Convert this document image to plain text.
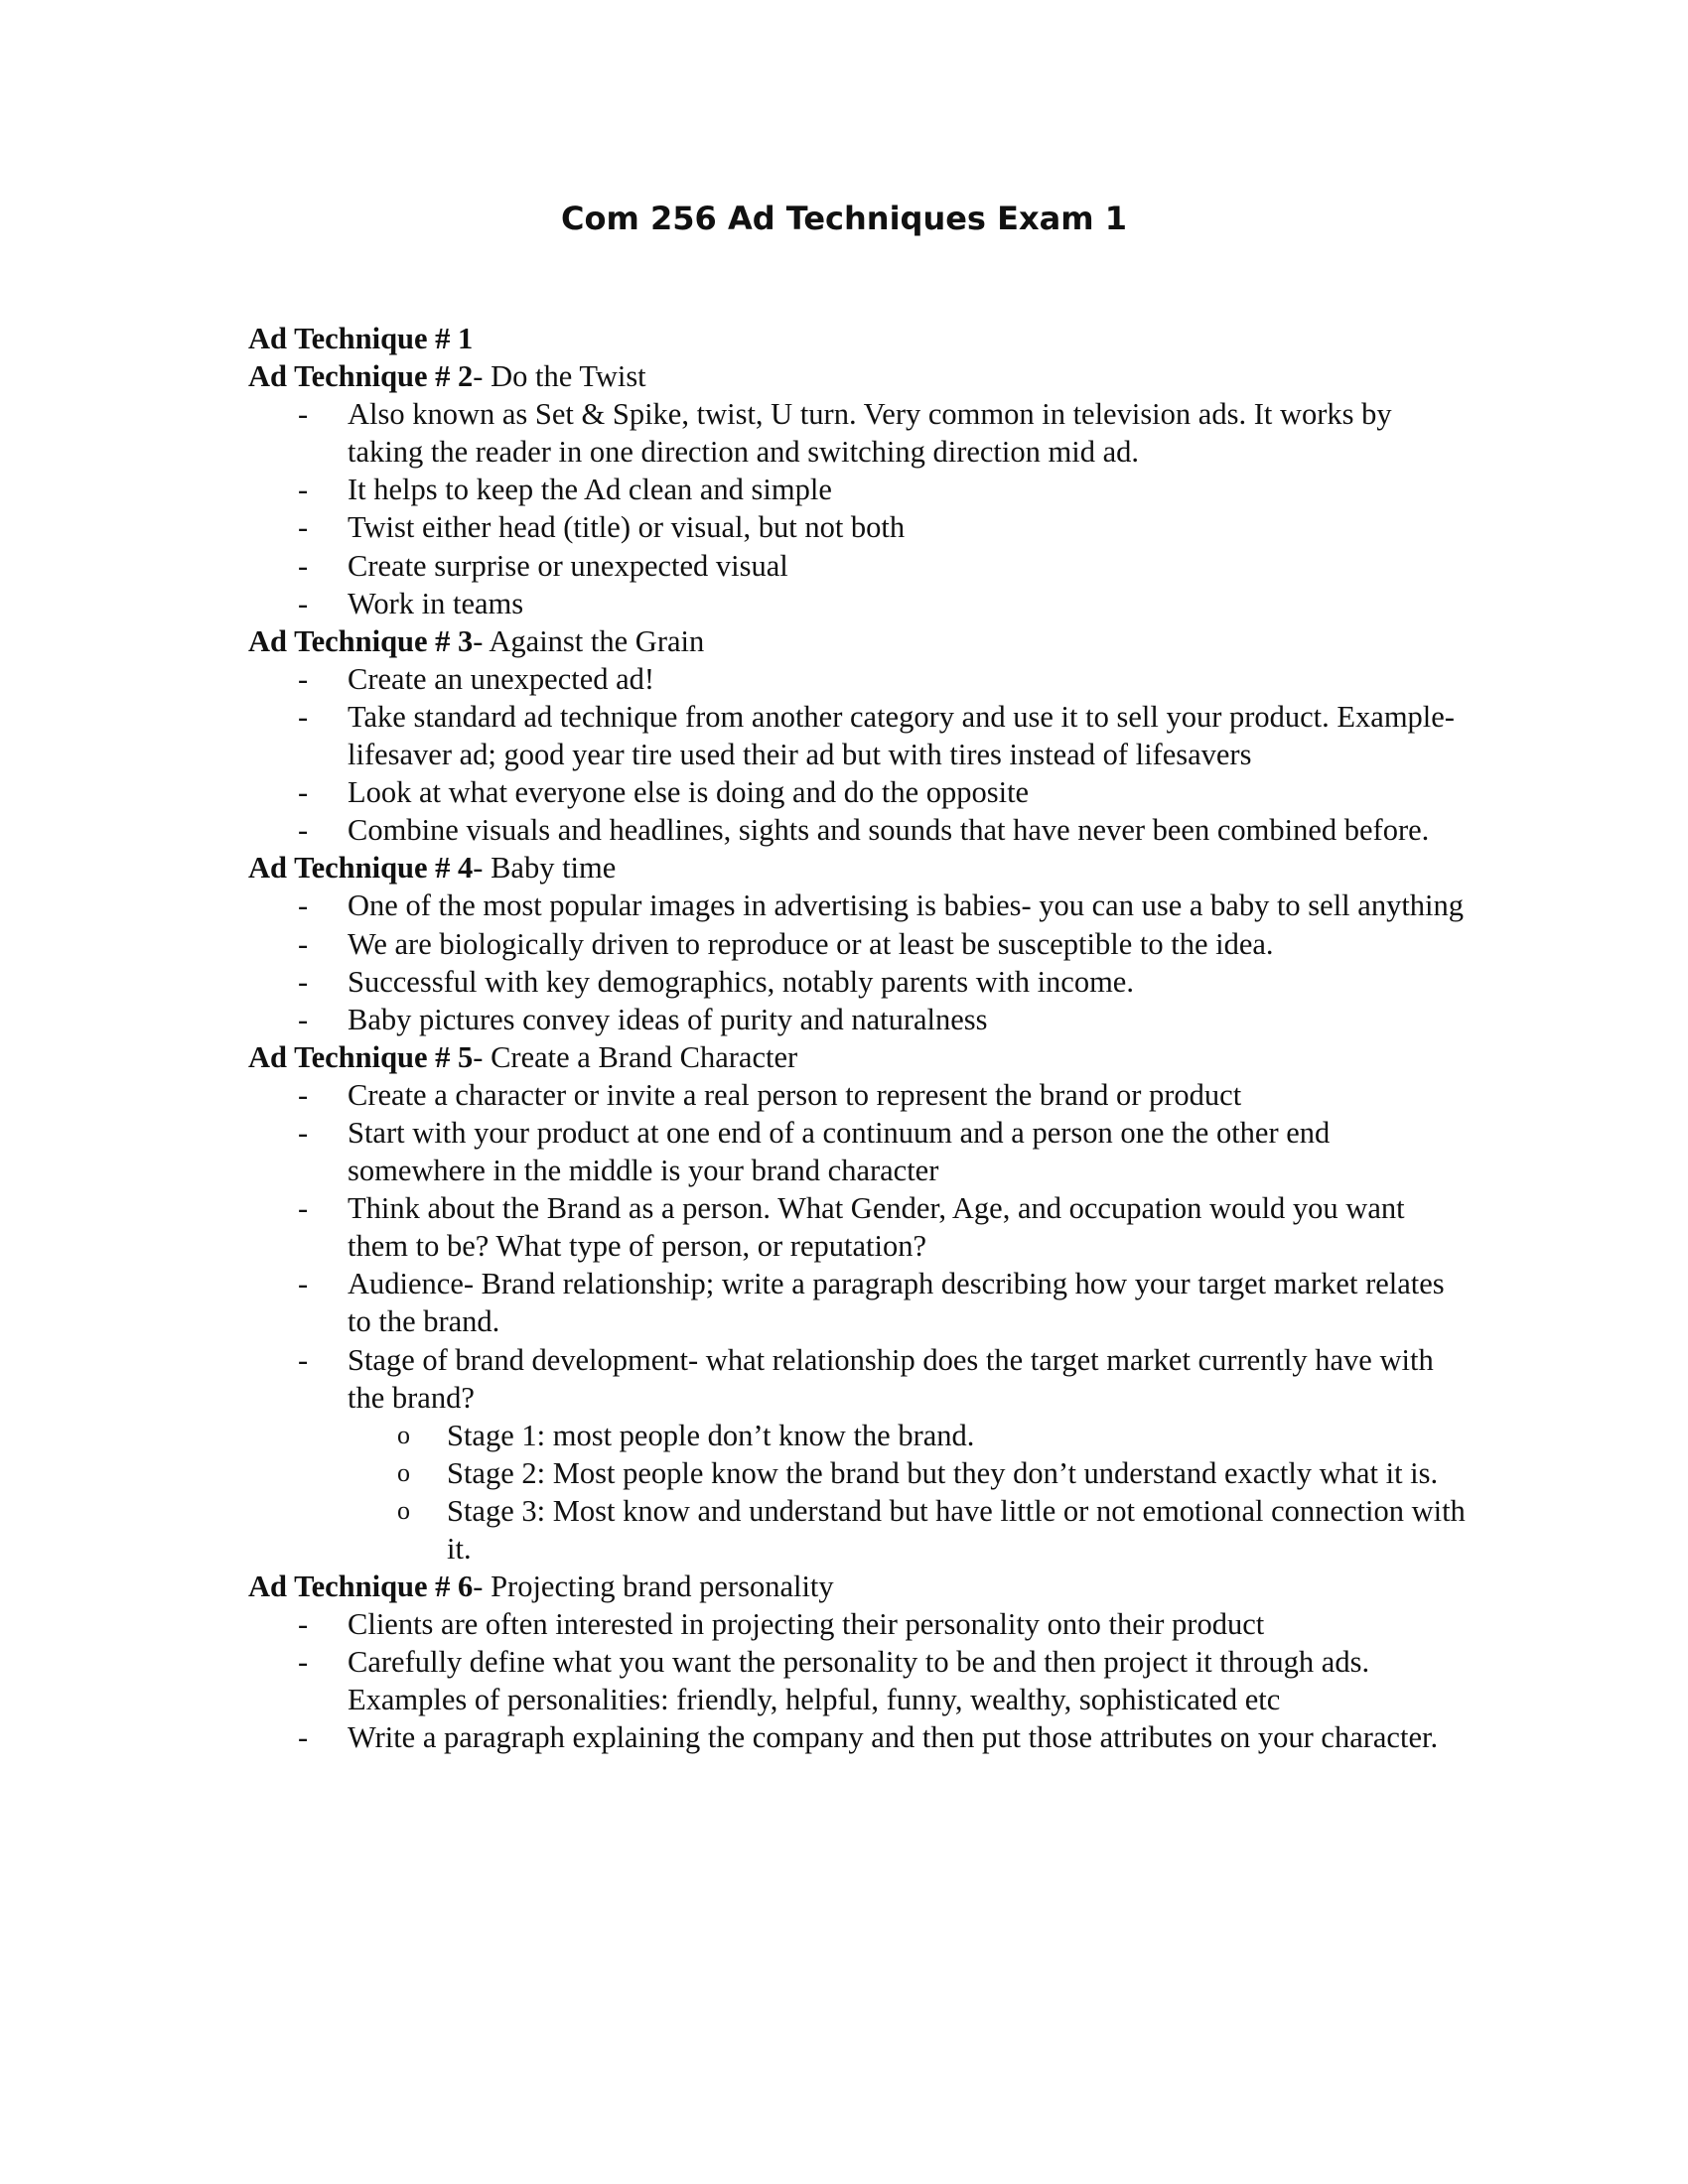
Com 256 Ad Techniques Exam 1

Ad Technique # 1

Ad Technique # 2- Do the Twist

- Also known as Set & Spike, twist, U turn. Very common in television ads. It works by taking the reader in one direction and switching direction mid ad.
- It helps to keep the Ad clean and simple
- Twist either head (title) or visual, but not both
- Create surprise or unexpected visual
- Work in teams

Ad Technique # 3- Against the Grain

- Create an unexpected ad!
- Take standard ad technique from another category and use it to sell your product. Example- lifesaver ad; good year tire used their ad but with tires instead of lifesavers
- Look at what everyone else is doing and do the opposite
- Combine visuals and headlines, sights and sounds that have never been combined before.

Ad Technique # 4- Baby time

- One of the most popular images in advertising is babies- you can use a baby to sell anything
- We are biologically driven to reproduce or at least be susceptible to the idea.
- Successful with key demographics, notably parents with income.
- Baby pictures convey ideas of purity and naturalness

Ad Technique # 5- Create a Brand Character

- Create a character or invite a real person to represent the brand or product
- Start with your product at one end of a continuum and a person one the other end somewhere in the middle is your brand character
- Think about the Brand as a person. What Gender, Age, and occupation would you want them to be? What type of person, or reputation?
- Audience- Brand relationship; write a paragraph describing how your target market relates to the brand.
- Stage of brand development- what relationship does the target market currently have with the brand?
o Stage 1: most people don’t know the brand.
o Stage 2: Most people know the brand but they don’t understand exactly what it is.
o Stage 3: Most know and understand but have little or not emotional connection with it.

Ad Technique # 6- Projecting brand personality

- Clients are often interested in projecting their personality onto their product
- Carefully define what you want the personality to be and then project it through ads. Examples of personalities: friendly, helpful, funny, wealthy, sophisticated etc
- Write a paragraph explaining the company and then put those attributes on your character.
